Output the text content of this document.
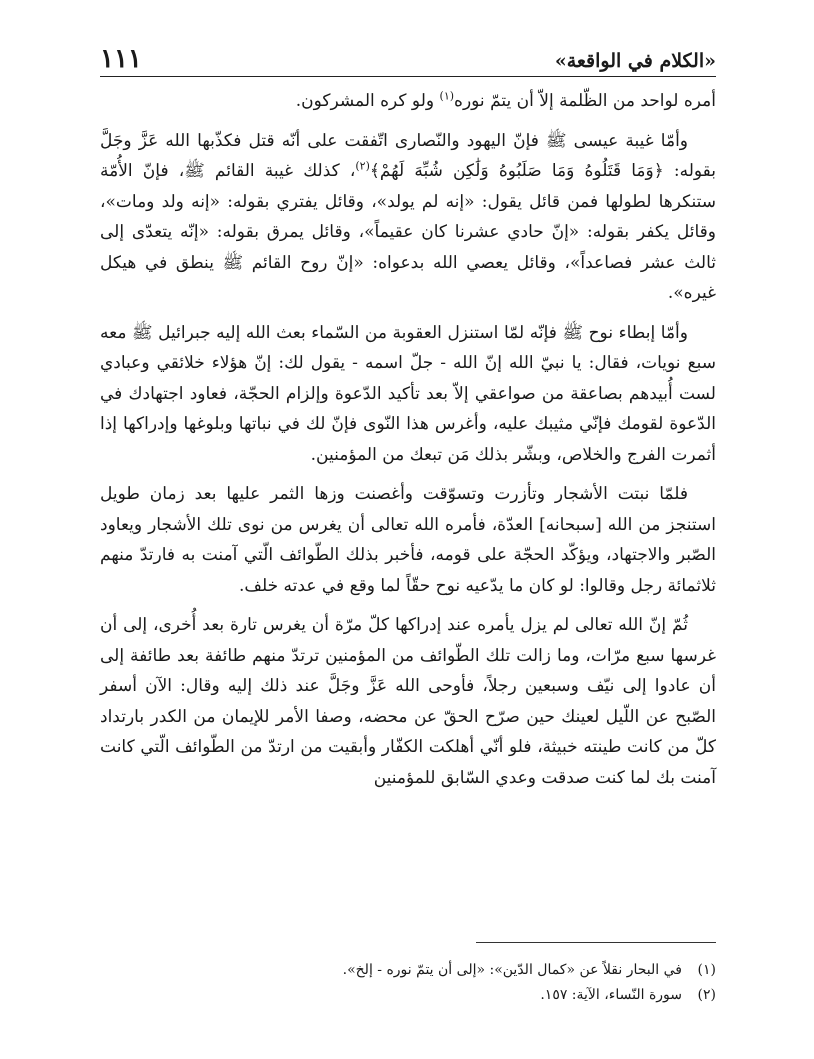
«الكلام في الواقعة»
١١١

أمره لواحد من الظّلمة إلاّ أن يتمّ نوره$^{(١)}$ ولو كره المشركون.

وأمّا غيبة عيسى ﷺ فإنّ اليهود والنّصارى اتّفقت على أنّه قتل فكذّبها الله عَزَّ وجَلَّ بقوله: ﴿وَمَا قَتَلُوهُ وَمَا صَلَبُوهُ وَلَٰكِن شُبِّهَ لَهُمْ﴾$^{(٢)}$، كذلك غيبة القائم ﷺ، فإنّ الأُمّة ستنكرها لطولها فمن قائل يقول: «إنه لم يولد»، وقائل يفتري بقوله: «إنه ولد ومات»، وقائل يكفر بقوله: «إنّ حادي عشرنا كان عقيماً»، وقائل يمرق بقوله: «إنّه يتعدّى إلى ثالث عشر فصاعداً»، وقائل يعصي الله بدعواه: «إنّ روح القائم ﷺ ينطق في هيكل غيره».

وأمّا إبطاء نوح ﷺ فإنّه لمّا استنزل العقوبة من السّماء بعث الله إليه جبرائيل ﷺ معه سبع نويات، فقال: يا نبيّ الله إنّ الله - جلّ اسمه - يقول لك: إنّ هؤلاء خلائقي وعبادي لست أُبيدهم بصاعقة من صواعقي إلاّ بعد تأكيد الدّعوة وإلزام الحجّة، فعاود اجتهادك في الدّعوة لقومك فإنّي مثيبك عليه، وأغرس هذا النّوى فإنّ لك في نباتها وبلوغها وإدراكها إذا أثمرت الفرج والخلاص، وبشّر بذلك مَن تبعك من المؤمنين.

فلمّا نبتت الأشجار وتأزرت وتسوّقت وأغصنت وزها الثمر عليها بعد زمان طويل استنجز من الله [سبحانه] العدّة، فأمره الله تعالى أن يغرس من نوى تلك الأشجار ويعاود الصّبر والاجتهاد، ويؤكّد الحجّة على قومه، فأخبر بذلك الطّوائف الّتي آمنت به فارتدّ منهم ثلاثمائة رجل وقالوا: لو كان ما يدّعيه نوح حقّاً لما وقع في عدته خلف.

ثُمّ إنّ الله تعالى لم يزل يأمره عند إدراكها كلّ مرّة أن يغرس تارة بعد أُخرى، إلى أن غرسها سبع مرّات، وما زالت تلك الطّوائف من المؤمنين ترتدّ منهم طائفة بعد طائفة إلى أن عادوا إلى نيّف وسبعين رجلاً، فأوحى الله عَزَّ وجَلَّ عند ذلك إليه وقال: الآن أسفر الصّبح عن اللّيل لعينك حين صرّح الحقّ عن محضه، وصفا الأمر للإيمان من الكدر بارتداد كلّ من كانت طينته خبيثة، فلو أنّي أهلكت الكفّار وأبقيت من ارتدّ من الطّوائف الّتي كانت آمنت بك لما كنت صدقت وعدي السّابق للمؤمنين

(١)
في البحار نقلاً عن «كمال الدّين»: «إلى أن يتمّ نوره - إلخ».
(٢)
سورة النّساء، الآية: ١٥٧.
